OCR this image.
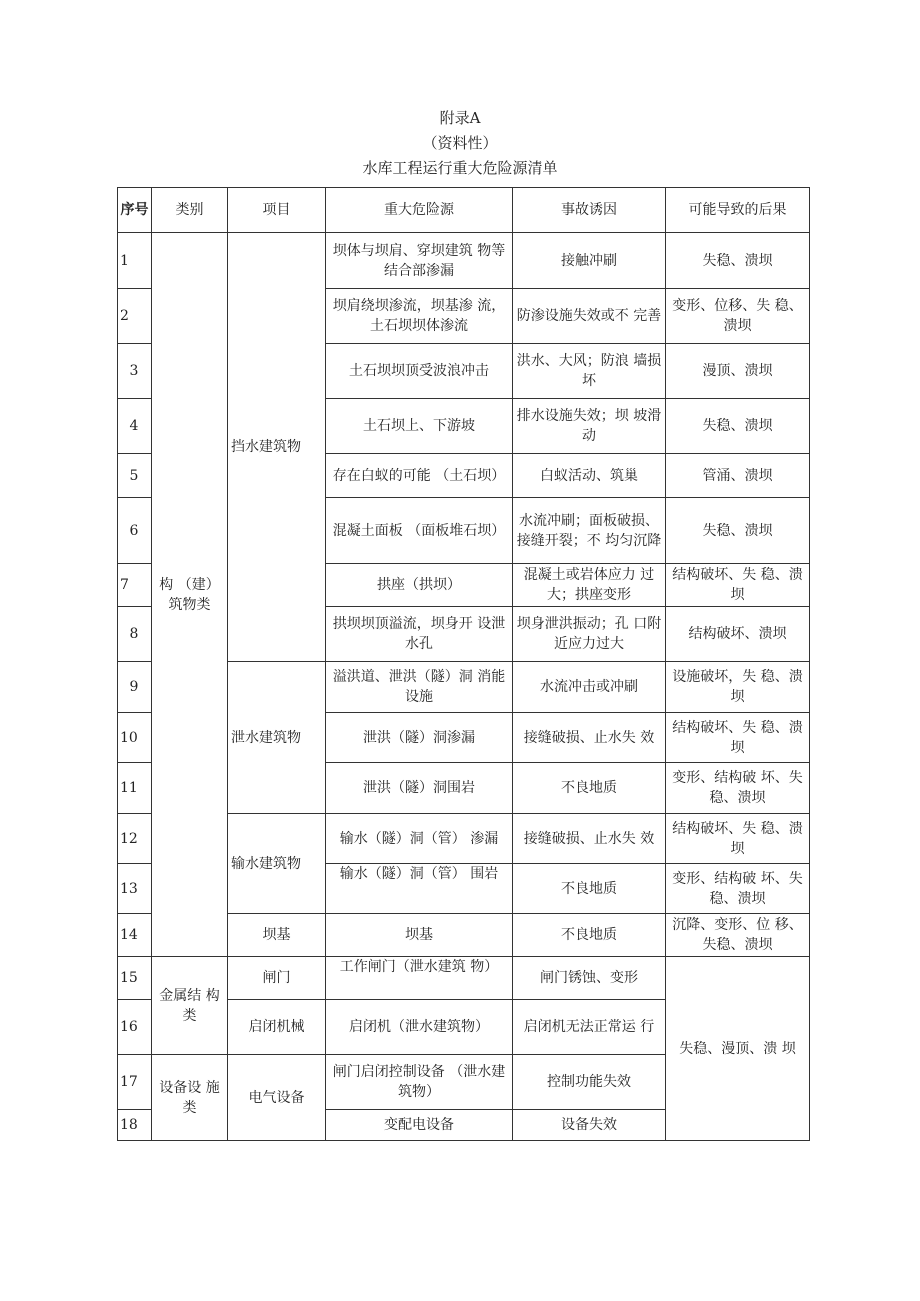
附录A
（资料性）
水库工程运行重大危险源清单
序号	类别	项目	重大危险源	事故诱因	可能导致的后果
1	构 （建）筑物类	挡水建筑物	坝体与坝肩、穿坝建筑 物等结合部渗漏	接触冲刷	失稳、溃坝
2			坝肩绕坝渗流，坝基渗 流，土石坝坝体渗流	防渗设施失效或不 完善	变形、位移、失 稳、溃坝
3			土石坝坝顶受波浪冲击	洪水、大风；防浪 墙损坏	漫顶、溃坝
4			土石坝上、下游坡	排水设施失效；坝 坡滑动	失稳、溃坝
5			存在白蚁的可能 （土石坝）	白蚁活动、筑巢	管涌、溃坝
6			混凝土面板 （面板堆石坝）	水流冲刷；面板破损、接缝开裂；不 均匀沉降	失稳、溃坝
7			拱座（拱坝）	混凝土或岩体应力 过大；拱座变形	结构破坏、失 稳、溃坝
8			拱坝坝顶溢流，坝身开 设泄水孔	坝身泄洪振动；孔 口附近应力过大	结构破坏、溃坝
9		泄水建筑物	溢洪道、泄洪（隧）洞 消能设施	水流冲击或冲刷	设施破坏，失 稳、溃坝
10			泄洪（隧）洞渗漏	接缝破损、止水失 效	结构破坏、失 稳、溃坝
11			泄洪（隧）洞围岩	不良地质	变形、结构破 坏、失稳、溃坝
12		输水建筑物	输水（隧）洞（管） 渗漏	接缝破损、止水失 效	结构破坏、失 稳、溃坝
13			输水（隧）洞（管） 围岩	不良地质	变形、结构破 坏、失稳、溃坝
14		坝基	坝基	不良地质	沉降、变形、位 移、失稳、溃坝
15	金属结 构类	闸门	工作闸门（泄水建筑 物）	闸门锈蚀、变形	失稳、漫顶、溃 坝
16		启闭机械	启闭机（泄水建筑物）	启闭机无法正常运 行	
17	设备设 施类	电气设备	闸门启闭控制设备 （泄水建筑物）	控制功能失效	
18			变配电设备	设备失效	
